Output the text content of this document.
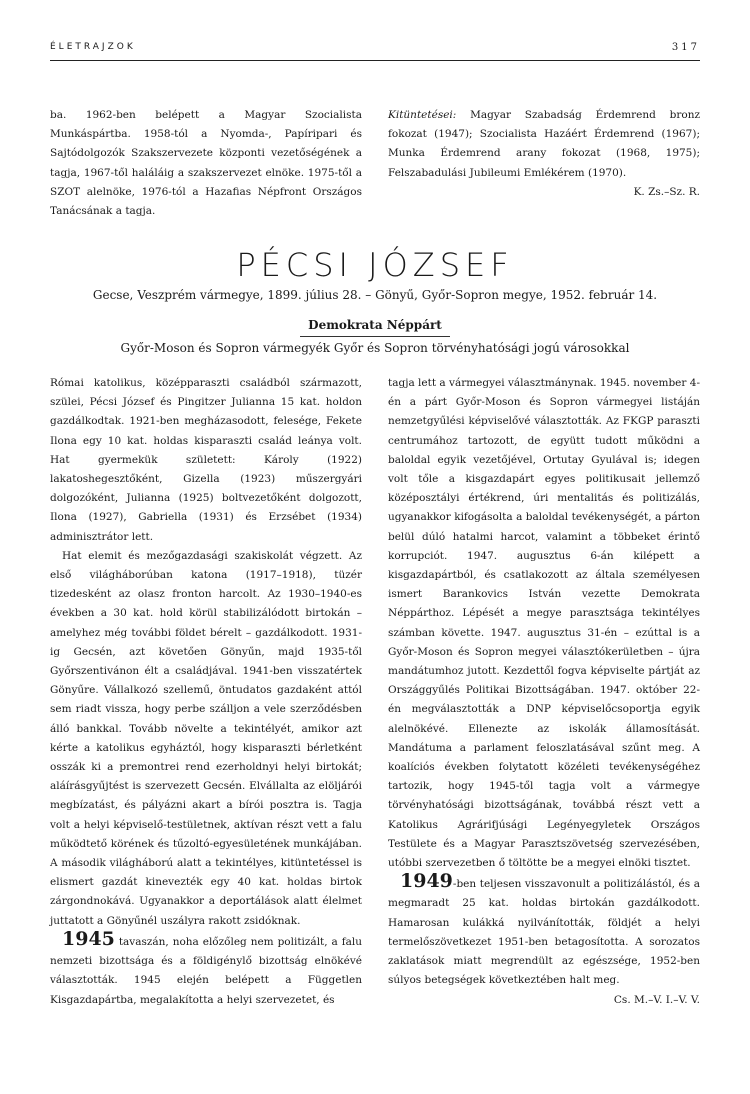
ÉLETRAJZOK	317

ba. 1962-ben belépett a Magyar Szocialista Munkáspártba. 1958-tól a Nyomda-, Papíripari és Sajtódolgozók Szakszervezete központi vezetőségének a tagja, 1967-től haláláig a szakszervezet elnöke. 1975-től a SZOT alelnöke, 1976-tól a Hazafias Népfront Országos Tanácsának a tagja.

Kitüntetései: Magyar Szabadság Érdemrend bronz fokozat (1947); Szocialista Hazáért Érdemrend (1967); Munka Érdemrend arany fokozat (1968, 1975); Felszabadulási Jubileumi Emlékérem (1970).

K. Zs.–Sz. R.

PÉCSI JÓZSEF
Gecse, Veszprém vármegye, 1899. július 28. – Gönyű, Győr-Sopron megye, 1952. február 14.
Demokrata Néppárt
Győr-Moson és Sopron vármegyék Győr és Sopron törvényhatósági jogú városokkal

Római katolikus, középparaszti családból származott, szülei, Pécsi József és Pingitzer Julianna 15 kat. holdon gazdálkodtak. 1921-ben megházasodott, felesége, Fekete Ilona egy 10 kat. holdas kisparaszti család leánya volt. Hat gyermekük született: Károly (1922) lakatoshegesztőként, Gizella (1923) műszergyári dolgozóként, Julianna (1925) boltvezetőként dolgozott, Ilona (1927), Gabriella (1931) és Erzsébet (1934) adminisztrátor lett.

Hat elemit és mezőgazdasági szakiskolát végzett. Az első világháborúban katona (1917–1918), tüzér tizedesként az olasz fronton harcolt. Az 1930–1940-es években a 30 kat. hold körül stabilizálódott birtokán – amelyhez még további földet bérelt – gazdálkodott. 1931-ig Gecsén, azt követően Gönyűn, majd 1935-től Győrszentivánon élt a családjával. 1941-ben visszatértek Gönyűre. Vállalkozó szellemű, öntudatos gazdaként attól sem riadt vissza, hogy perbe szálljon a vele szerződésben álló bankkal. Tovább növelte a tekintélyét, amikor azt kérte a katolikus egyháztól, hogy kisparaszti bérletként osszák ki a premontrei rend ezerholdnyi helyi birtokát; aláírásgyűjtést is szervezett Gecsén. Elvállalta az elöljárói megbízatást, és pályázni akart a bírói posztra is. Tagja volt a helyi képviselő-testületnek, aktívan részt vett a falu működtető körének és tűzoltó-egyesületének munkájában. A második világháború alatt a tekintélyes, kitüntetéssel is elismert gazdát kinevezték egy 40 kat. holdas birtok zárgondnokává. Ugyanakkor a deportálások alatt élelmet juttatott a Gönyűnél uszályra rakott zsidóknak.

1945 tavaszán, noha előzőleg nem politizált, a falu nemzeti bizottsága és a földigénylő bizottság elnökévé választották. 1945 elején belépett a Független Kisgazdapártba, megalakította a helyi szervezetet, és

tagja lett a vármegyei választmánynak. 1945. november 4-én a párt Győr-Moson és Sopron vármegyei listáján nemzetgyűlési képviselővé választották. Az FKGP paraszti centrumához tartozott, de együtt tudott működni a baloldal egyik vezetőjével, Ortutay Gyulával is; idegen volt tőle a kisgazdapárt egyes politikusait jellemző középosztályi értékrend, úri mentalitás és politizálás, ugyanakkor kifogásolta a baloldal tevékenységét, a párton belül dúló hatalmi harcot, valamint a többeket érintő korrupciót. 1947. augusztus 6-án kilépett a kisgazdapártból, és csatlakozott az általa személyesen ismert Barankovics István vezette Demokrata Néppárthoz. Lépését a megye parasztsága tekintélyes számban követte. 1947. augusztus 31-én – ezúttal is a Győr-Moson és Sopron megyei választókerületben – újra mandátumhoz jutott. Kezdettől fogva képviselte pártját az Országgyűlés Politikai Bizottságában. 1947. október 22-én megválasztották a DNP képviselőcsoportja egyik alelnökévé. Ellenezte az iskolák államosítását. Mandátuma a parlament feloszlatásával szűnt meg. A koalíciós években folytatott közéleti tevékenységéhez tartozik, hogy 1945-től tagja volt a vármegye törvényhatósági bizottságának, továbbá részt vett a Katolikus Agrárifjúsági Legényegyletek Országos Testülete és a Magyar Parasztszövetség szervezésében, utóbbi szervezetben ő töltötte be a megyei elnöki tisztet.

1949-ben teljesen visszavonult a politizálástól, és a megmaradt 25 kat. holdas birtokán gazdálkodott. Hamarosan kulákká nyilvánították, földjét a helyi termelőszövetkezet 1951-ben betagosította. A sorozatos zaklatások miatt megrendült az egészsége, 1952-ben súlyos betegségek következtében halt meg.

Cs. M.–V. I.–V. V.
